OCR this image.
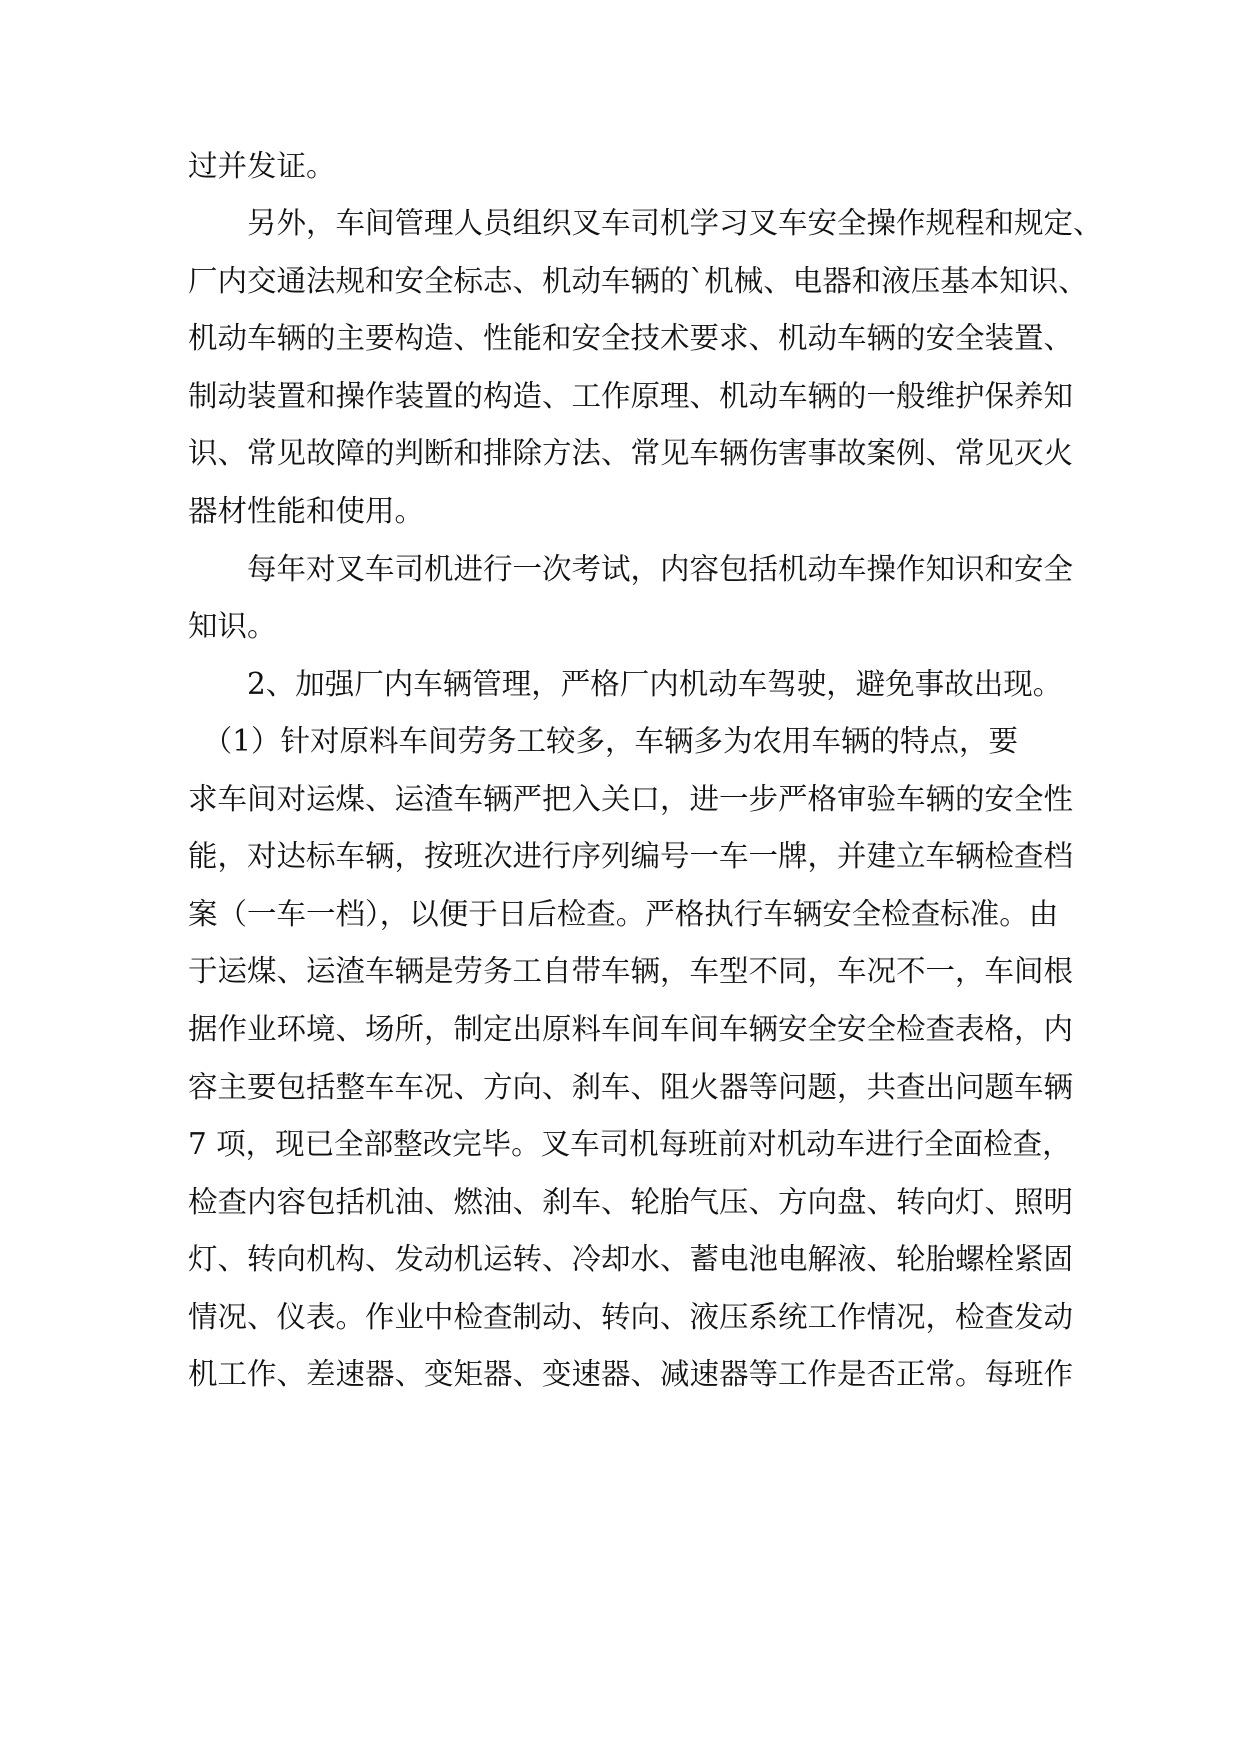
过并发证。

　　另外，车间管理人员组织叉车司机学习叉车安全操作规程和规定、

厂内交通法规和安全标志、机动车辆的`机械、电器和液压基本知识、

机动车辆的主要构造、性能和安全技术要求、机动车辆的安全装置、

制动装置和操作装置的构造、工作原理、机动车辆的一般维护保养知

识、常见故障的判断和排除方法、常见车辆伤害事故案例、常见灭火

器材性能和使用。

　　每年对叉车司机进行一次考试，内容包括机动车操作知识和安全

知识。

　　2、加强厂内车辆管理，严格厂内机动车驾驶，避免事故出现。

　（1）针对原料车间劳务工较多，车辆多为农用车辆的特点，要

求车间对运煤、运渣车辆严把入关口，进一步严格审验车辆的安全性

能，对达标车辆，按班次进行序列编号一车一牌，并建立车辆检查档

案（一车一档），以便于日后检查。严格执行车辆安全检查标准。由

于运煤、运渣车辆是劳务工自带车辆，车型不同，车况不一，车间根

据作业环境、场所，制定出原料车间车间车辆安全安全检查表格，内

容主要包括整车车况、方向、刹车、阻火器等问题，共查出问题车辆

7 项，现已全部整改完毕。叉车司机每班前对机动车进行全面检查，

检查内容包括机油、燃油、刹车、轮胎气压、方向盘、转向灯、照明

灯、转向机构、发动机运转、冷却水、蓄电池电解液、轮胎螺栓紧固

情况、仪表。作业中检查制动、转向、液压系统工作情况，检查发动

机工作、差速器、变矩器、变速器、减速器等工作是否正常。每班作
